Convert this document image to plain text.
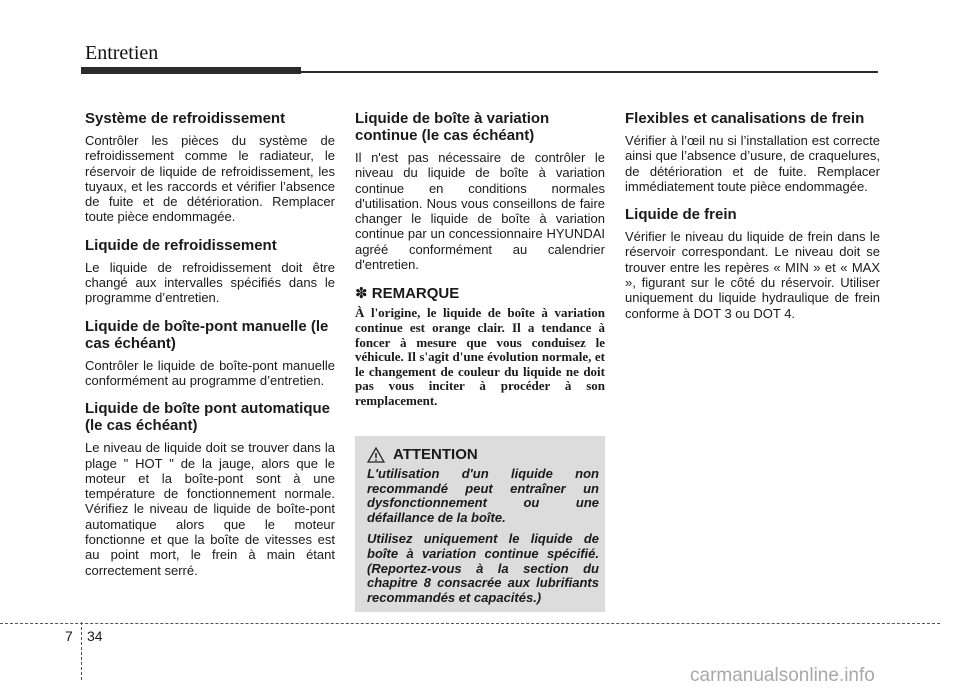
Entretien
Système de refroidissement

Contrôler les pièces du système de refroidissement comme le radiateur, le réservoir de liquide de refroidissement, les tuyaux, et les raccords et vérifier l’absence de fuite et de détérioration. Remplacer toute pièce endommagée.

Liquide de refroidissement

Le liquide de refroidissement doit être changé aux intervalles spécifiés dans le programme d’entretien.

Liquide de boîte-pont manuelle (le cas échéant)

Contrôler le liquide de boîte-pont manuelle conformément au programme d’entretien.

Liquide de boîte pont automatique (le cas échéant)

Le niveau de liquide doit se trouver dans la plage " HOT " de la jauge, alors que le moteur et la boîte-pont sont à une température de fonctionnement normale. Vérifiez le niveau de liquide de boîte-pont automatique alors que le moteur fonctionne et que la boîte de vitesses est au point mort, le frein à main étant correctement serré.

Liquide de boîte à variation continue (le cas échéant)

Il n'est pas nécessaire de contrôler le niveau du liquide de boîte à variation continue en conditions normales d'utilisation. Nous vous conseillons de faire changer le liquide de boîte à variation continue par un concessionnaire HYUNDAI agréé conformément au calendrier d'entretien.

✽ REMARQUE

À l'origine, le liquide de boîte à variation continue est orange clair. Il a tendance à foncer à mesure que vous conduisez le véhicule. Il s'agit d'une évolution normale, et le changement de couleur du liquide ne doit pas vous inciter à procéder à son remplacement.

ATTENTION

L'utilisation d'un liquide non recommandé peut entraîner un dysfonctionnement ou une défaillance de la boîte.

Utilisez uniquement le liquide de boîte à variation continue spécifié. (Reportez-vous à la section du chapitre 8 consacrée aux lubrifiants recommandés et capacités.)

Flexibles et canalisations de frein

Vérifier à l’œil nu si l’installation est correcte ainsi que l’absence d’usure, de craquelures, de détérioration et de fuite. Remplacer immédiatement toute pièce endommagée.

Liquide de frein

Vérifier le niveau du liquide de frein dans le réservoir correspondant. Le niveau doit se trouver entre les repères « MIN » et « MAX », figurant sur le côté du réservoir. Utiliser uniquement du liquide hydraulique de frein conforme à DOT 3 ou DOT 4.

7 34
carmanualsonline.info
